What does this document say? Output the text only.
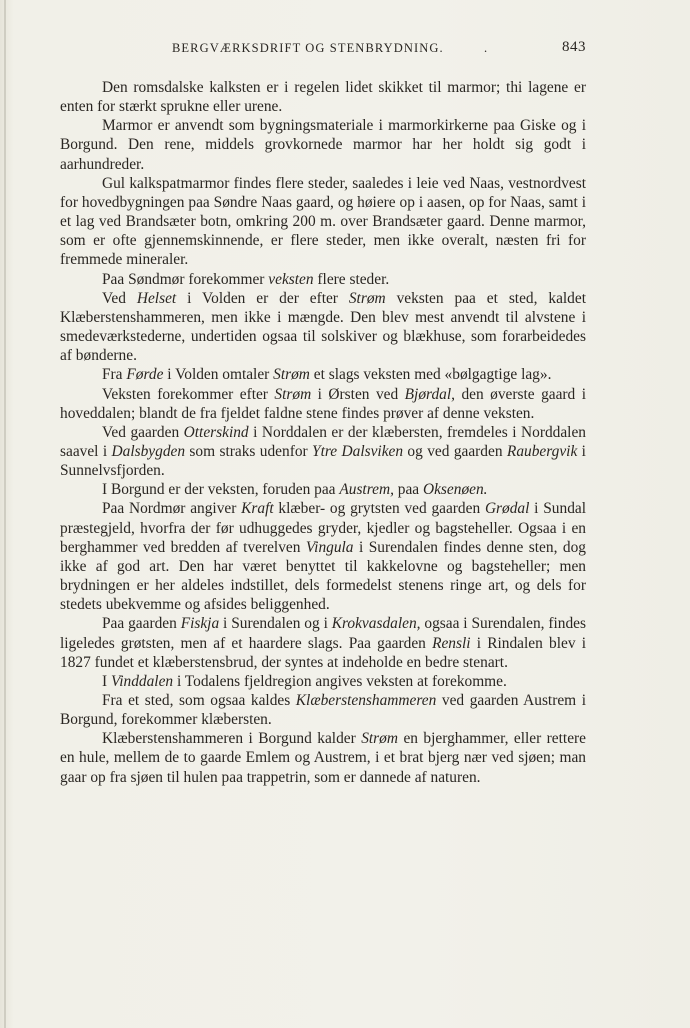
BERGVÆRKSDRIFT OG STENBRYDNING.	.	843

Den romsdalske kalksten er i regelen lidet skikket til marmor; thi lagene er enten for stærkt sprukne eller urene.

Marmor er anvendt som bygningsmateriale i marmorkirkerne paa Giske og i Borgund. Den rene, middels grovkornede marmor har her holdt sig godt i aarhundreder.

Gul kalkspatmarmor findes flere steder, saaledes i leie ved Naas, vestnordvest for hovedbygningen paa Søndre Naas gaard, og høiere op i aasen, op for Naas, samt i et lag ved Brandsæter botn, omkring 200 m. over Brandsæter gaard. Denne marmor, som er ofte gjennemskinnende, er flere steder, men ikke overalt, næsten fri for fremmede mineraler.

Paa Søndmør forekommer veksten flere steder.

Ved Helset i Volden er der efter Strøm veksten paa et sted, kaldet Klæberstenshammeren, men ikke i mængde. Den blev mest anvendt til alvstene i smedeværkstederne, undertiden ogsaa til solskiver og blækhuse, som forarbeidedes af bønderne.

Fra Førde i Volden omtaler Strøm et slags veksten med «bølgagtige lag».

Veksten forekommer efter Strøm i Ørsten ved Bjørdal, den øverste gaard i hoveddalen; blandt de fra fjeldet faldne stene findes prøver af denne veksten.

Ved gaarden Otterskind i Norddalen er der klæbersten, fremdeles i Norddalen saavel i Dalsbygden som straks udenfor Ytre Dalsviken og ved gaarden Raubergvik i Sunnelvsfjorden.

I Borgund er der veksten, foruden paa Austrem, paa Oksenøen.

Paa Nordmør angiver Kraft klæber- og grytsten ved gaarden Grødal i Sundal præstegjeld, hvorfra der før udhuggedes gryder, kjedler og bagsteheller. Ogsaa i en berghammer ved bredden af tverelven Vingula i Surendalen findes denne sten, dog ikke af god art. Den har været benyttet til kakkelovne og bagsteheller; men brydningen er her aldeles indstillet, dels formedelst stenens ringe art, og dels for stedets ubekvemme og afsides beliggenhed.

Paa gaarden Fiskja i Surendalen og i Krokvasdalen, ogsaa i Surendalen, findes ligeledes grøtsten, men af et haardere slags. Paa gaarden Rensli i Rindalen blev i 1827 fundet et klæberstensbrud, der syntes at indeholde en bedre stenart.

I Vinddalen i Todalens fjeldregion angives veksten at forekomme.

Fra et sted, som ogsaa kaldes Klæberstenshammeren ved gaarden Austrem i Borgund, forekommer klæbersten.

Klæberstenshammeren i Borgund kalder Strøm en bjerghammer, eller rettere en hule, mellem de to gaarde Emlem og Austrem, i et brat bjerg nær ved sjøen; man gaar op fra sjøen til hulen paa trappetrin, som er dannede af naturen.
